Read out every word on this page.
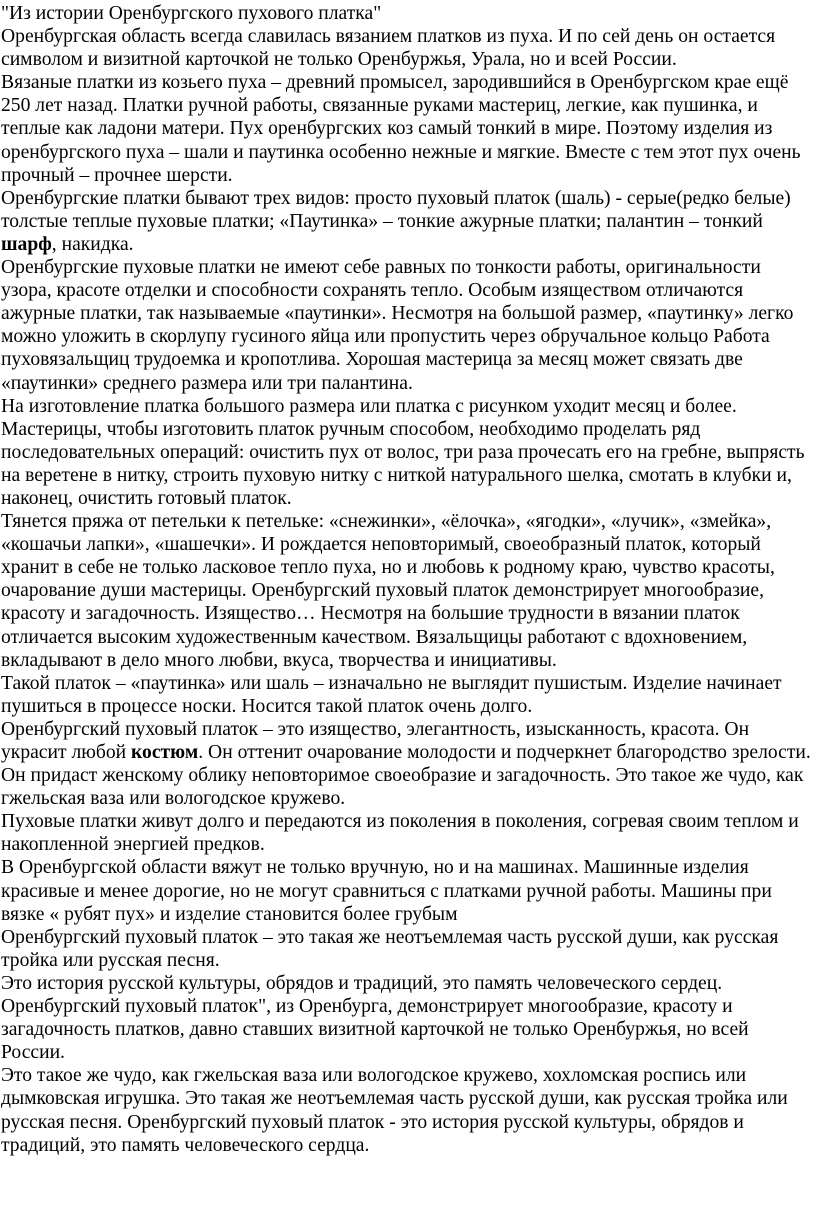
"Из истории Оренбургского пухового платка"

Оренбургская область всегда славилась вязанием платков из пуха. И по сей день он остается символом и визитной карточкой не только Оренбуржья, Урала, но и всей России.

Вязаные платки из козьего пуха – древний промысел, зародившийся в Оренбургском крае ещё 250 лет назад. Платки ручной работы, связанные руками мастериц, легкие, как пушинка, и теплые как ладони матери. Пух оренбургских коз самый тонкий в мире. Поэтому изделия из оренбургского пуха – шали и паутинка особенно нежные и мягкие. Вместе с тем этот пух очень прочный – прочнее шерсти.

Оренбургские платки бывают трех видов: просто пуховый платок (шаль) - серые(редко белые) толстые теплые пуховые платки; «Паутинка» – тонкие ажурные платки; палантин – тонкий шарф, накидка.

Оренбургские пуховые платки не имеют себе равных по тонкости работы, оригинальности узора, красоте отделки и способности сохранять тепло. Особым изяществом отличаются ажурные платки, так называемые «паутинки». Несмотря на большой размер, «паутинку» легко можно уложить в скорлупу гусиного яйца или пропустить через обручальное кольцо Работа пуховязальщиц трудоемка и кропотлива. Хорошая мастерица за месяц может связать две «паутинки» среднего размера или три палантина.

На изготовление платка большого размера или платка с рисунком уходит месяц и более. Мастерицы, чтобы изготовить платок ручным способом, необходимо проделать ряд последовательных операций: очистить пух от волос, три раза прочесать его на гребне, выпрясть на веретене в нитку, строить пуховую нитку с ниткой натурального шелка, смотать в клубки и, наконец, очистить готовый платок.

Тянется пряжа от петельки к петельке: «снежинки», «ёлочка», «ягодки», «лучик», «змейка», «кошачьи лапки», «шашечки». И рождается неповторимый, своеобразный платок, который хранит в себе не только ласковое тепло пуха, но и любовь к родному краю, чувство красоты, очарование души мастерицы. Оренбургский пуховый платок демонстрирует многообразие, красоту и загадочность. Изящество… Несмотря на большие трудности в вязании платок отличается высоким художественным качеством. Вязальщицы работают с вдохновением, вкладывают в дело много любви, вкуса, творчества и инициативы.

Такой платок – «паутинка» или шаль – изначально не выглядит пушистым. Изделие начинает пушиться в процессе носки. Носится такой платок очень долго.

Оренбургский пуховый платок – это изящество, элегантность, изысканность, красота. Он украсит любой костюм. Он оттенит очарование молодости и подчеркнет благородство зрелости. Он придаст женскому облику неповторимое своеобразие и загадочность. Это такое же чудо, как гжельская ваза или вологодское кружево.

Пуховые платки живут долго и передаются из поколения в поколения, согревая своим теплом и накопленной энергией предков.

В Оренбургской области вяжут не только вручную, но и на машинах. Машинные изделия красивые и менее дорогие, но не могут сравниться с платками ручной работы. Машины при вязке « рубят пух» и изделие становится более грубым

Оренбургский пуховый платок – это такая же неотъемлемая часть русской души, как русская тройка или русская песня.

Это история русской культуры, обрядов и традиций, это память человеческого сердец. Оренбургский пуховый платок", из Оренбурга, демонстрирует многообразие, красоту и загадочность платков, давно ставших визитной карточкой не только Оренбуржья, но всей России.

Это такое же чудо, как гжельская ваза или вологодское кружево, хохломская роспись или дымковская игрушка. Это такая же неотъемлемая часть русской души, как русская тройка или русская песня. Оренбургский пуховый платок - это история русской культуры, обрядов и традиций, это память человеческого сердца.
